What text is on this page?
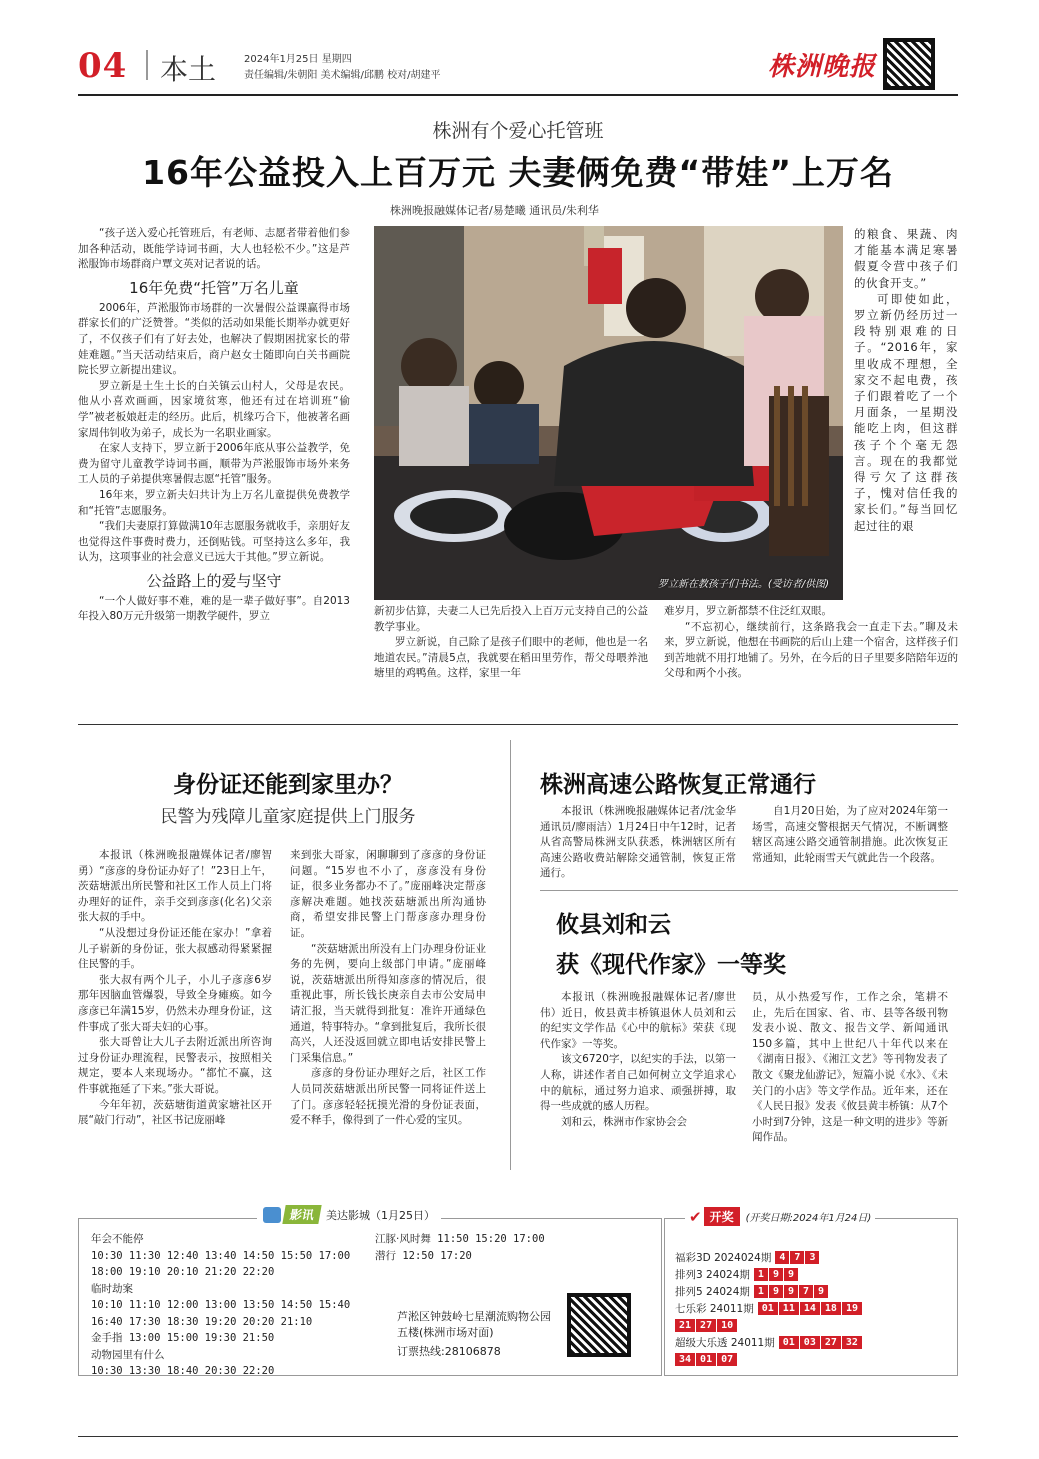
04 本土	2024年1月25日 星期四
责任编辑/朱朝阳 美术编辑/邱鹏 校对/胡建平	株洲晚报
株洲有个爱心托管班
16年公益投入上百万元 夫妻俩免费“带娃”上万名
株洲晚报融媒体记者/易楚曦 通讯员/朱利华

“孩子送入爱心托管班后，有老师、志愿者带着他们参加各种活动，既能学诗词书画，大人也轻松不少。”这是芦淞服饰市场群商户覃文英对记者说的话。

16年免费“托管”万名儿童

2006年，芦淞服饰市场群的一次暑假公益课赢得市场群家长们的广泛赞誉。“类似的活动如果能长期举办就更好了，不仅孩子们有了好去处，也解决了假期困扰家长的带娃难题。”当天活动结束后，商户赵女士随即向白关书画院院长罗立新提出建议。

罗立新是土生土长的白关镇云山村人，父母是农民。他从小喜欢画画，因家境贫寒，他还有过在培训班“偷学”被老板娘赶走的经历。此后，机缘巧合下，他被著名画家周伟钊收为弟子，成长为一名职业画家。

在家人支持下，罗立新于2006年底从事公益教学，免费为留守儿童教学诗词书画，顺带为芦淞服饰市场外来务工人员的子弟提供寒暑假志愿“托管”服务。

16年来，罗立新夫妇共计为上万名儿童提供免费教学和“托管”志愿服务。

“我们夫妻原打算做满10年志愿服务就收手，亲朋好友也觉得这件事费时费力，还倒贴钱。可坚持这么多年，我认为，这项事业的社会意义已远大于其他。”罗立新说。

公益路上的爱与坚守

“一个人做好事不难，难的是一辈子做好事”。自2013年投入80万元升级第一期教学硬件，罗立

罗立新在教孩子们书法。(受访者/供图)

的粮食、果蔬、肉才能基本满足寒暑假夏令营中孩子们的伙食开支。”

可即使如此，罗立新仍经历过一段特别艰难的日子。“2016年，家里收成不理想，全家交不起电费，孩子们跟着吃了一个月面条，一星期没能吃上肉，但这群孩子个个毫无怨言。现在的我都觉得亏欠了这群孩子，愧对信任我的家长们。”每当回忆起过往的艰

新初步估算，夫妻二人已先后投入上百万元支持自己的公益教学事业。

罗立新说，自己除了是孩子们眼中的老师，他也是一名地道农民。”清晨5点，我就要在稻田里劳作，帮父母喂养池塘里的鸡鸭鱼。这样，家里一年

难岁月，罗立新都禁不住泛红双眼。

“不忘初心，继续前行，这条路我会一直走下去。”聊及未来，罗立新说，他想在书画院的后山上建一个宿舍，这样孩子们到苦地就不用打地铺了。另外，在今后的日子里要多陪陪年迈的父母和两个小孩。

身份证还能到家里办？
民警为残障儿童家庭提供上门服务

本报讯（株洲晚报融媒体记者/廖智勇）“彦彦的身份证办好了！”23日上午，茨菇塘派出所民警和社区工作人员上门将办理好的证件，亲手交到彦彦(化名)父亲张大叔的手中。

“从没想过身份证还能在家办！”拿着儿子崭新的身份证，张大叔感动得紧紧握住民警的手。

张大叔有两个儿子，小儿子彦彦6岁那年因脑血管爆裂，导致全身瘫痪。如今彦彦已年满15岁，仍然未办理身份证，这件事成了张大哥夫妇的心事。

张大哥曾让大儿子去附近派出所咨询过身份证办理流程，民警表示，按照相关规定，要本人来现场办。“都忙不赢，这件事就拖延了下来。”张大哥说。

今年年初，茨菇塘街道黄家塘社区开展“敲门行动”，社区书记庞丽峰

来到张大哥家，闲聊聊到了彦彦的身份证问题。“15岁也不小了，彦彦没有身份证，很多业务都办不了。”庞丽峰决定帮彦彦解决难题。她找茨菇塘派出所沟通协商，希望安排民警上门帮彦彦办理身份证。

“茨菇塘派出所没有上门办理身份证业务的先例，要向上级部门申请。”庞丽峰说，茨菇塘派出所得知彦彦的情况后，很重视此事，所长钱长庚亲自去市公安局申请汇报，当天就得到批复：准许开通绿色通道，特事特办。“拿到批复后，我所长很高兴，人还没返回就立即电话安排民警上门采集信息。”

彦彦的身份证办理好之后，社区工作人员同茨菇塘派出所民警一同将证件送上了门。彦彦轻轻抚摸光滑的身份证表面，爱不释手，像得到了一件心爱的宝贝。

株洲高速公路恢复正常通行

本报讯（株洲晚报融媒体记者/沈金华 通讯员/廖雨洁）1月24日中午12时，记者从省高警局株洲支队获悉，株洲辖区所有高速公路收费站解除交通管制，恢复正常通行。

自1月20日始，为了应对2024年第一场雪，高速交警根据天气情况，不断调整辖区高速公路交通管制措施。此次恢复正常通知，此轮雨雪天气就此告一个段落。

攸县刘和云
获《现代作家》一等奖

本报讯（株洲晚报融媒体记者/廖世伟）近日，攸县黄丰桥镇退休人员刘和云的纪实文学作品《心中的航标》荣获《现代作家》一等奖。

该文6720字，以纪实的手法，以第一人称，讲述作者自己如何树立文学追求心中的航标，通过努力追求、顽强拼搏，取得一些成就的感人历程。

刘和云，株洲市作家协会会

员，从小热爱写作，工作之余，笔耕不止，先后在国家、省、市、县等各级刊物发表小说、散文、报告文学、新闻通讯150多篇，其中上世纪八十年代以来在《湖南日报》、《湘江文艺》等刊物发表了散文《聚龙仙游记》，短篇小说《水》、《未关门的小店》等文学作品。近年来，还在《人民日报》发表《攸县黄丰桥镇：从7个小时到7分钟，这是一种文明的进步》等新闻作品。

影讯 美达影城（1月25日）
年会不能停
10:30 11:30 12:40 13:40 14:50 15:50 17:00
18:00 19:10 20:10 21:20 22:20
临时劫案
10:10 11:10 12:00 13:00 13:50 14:50 15:40
16:40 17:30 18:30 19:20 20:20 21:10
金手指 13:00 15:00 19:30 21:50
动物园里有什么
10:30 13:30 18:40 20:30 22:20
江豚·风时舞 11:50 15:20 17:00
潜行 12:50 17:20
芦淞区钟鼓岭七星潮流购物公园五楼(株洲市场对面)
订票热线:28106878
✔ 开奖	(开奖日期:2024年1月24日)
福彩3D 2024024期 4 7 3
排列3 24024期 1 9 9
排列5 24024期 1 9 9 7 9
七乐彩 24011期 01 11 14 18 19
21 27 10
超级大乐透 24011期 01 03 27 32
34 01 07
